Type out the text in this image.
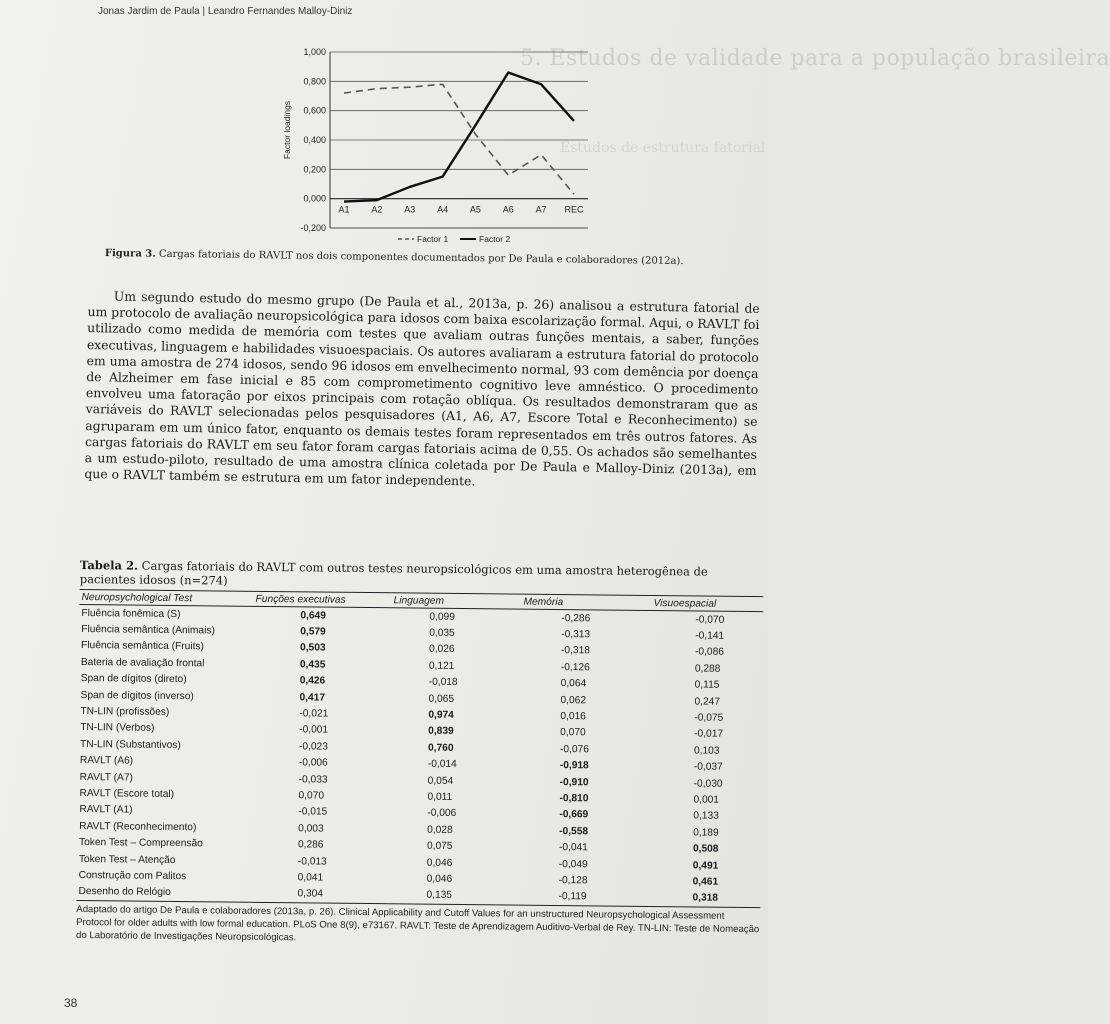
Jonas Jardim de Paula | Leandro Fernandes Malloy-Diniz
5. Estudos de validade para a população brasileira
Estudos de estrutura fatorial
1,000
0,800
0,600
0,400
0,200
0,000
-0,200
A1 A2 A3 A4 A5 A6 A7 REC
Factor loadings
Factor 1	Factor 2
Figura 3. Cargas fatoriais do RAVLT nos dois componentes documentados por De Paula e colaboradores (2012a).
Um segundo estudo do mesmo grupo (De Paula et al., 2013a, p. 26) analisou a estrutura fatorial de um protocolo de avaliação neuropsicológica para idosos com baixa escolarização formal. Aqui, o RAVLT foi utilizado como medida de memória com testes que avaliam outras funções mentais, a saber, funções executivas, linguagem e habilidades visuoespaciais. Os autores avaliaram a estrutura fatorial do protocolo em uma amostra de 274 idosos, sendo 96 idosos em envelhecimento normal, 93 com demência por doença de Alzheimer em fase inicial e 85 com comprometimento cognitivo leve amnéstico. O procedimento envolveu uma fatoração por eixos principais com rotação oblíqua. Os resultados demonstraram que as variáveis do RAVLT selecionadas pelos pesquisadores (A1, A6, A7, Escore Total e Reconhecimento) se agruparam em um único fator, enquanto os demais testes foram representados em três outros fatores. As cargas fatoriais do RAVLT em seu fator foram cargas fatoriais acima de 0,55. Os achados são semelhantes a um estudo-piloto, resultado de uma amostra clínica coletada por De Paula e Malloy-Diniz (2013a), em que o RAVLT também se estrutura em um fator independente.
Tabela 2. Cargas fatoriais do RAVLT com outros testes neuropsicológicos em uma amostra heterogênea de pacientes idosos (n=274)
Neuropsychological Test	Funções executivas	Linguagem	Memória	Visuoespacial
Fluência fonêmica (S)	0,649	0,099	-0,286	-0,070
Fluência semântica (Animais)	0,579	0,035	-0,313	-0,141
Fluência semântica (Fruits)	0,503	0,026	-0,318	-0,086
Bateria de avaliação frontal	0,435	0,121	-0,126	0,288
Span de dígitos (direto)	0,426	-0,018	0,064	0,115
Span de dígitos (inverso)	0,417	0,065	0,062	0,247
TN-LIN (profissões)	-0,021	0,974	0,016	-0,075
TN-LIN (Verbos)	-0,001	0,839	0,070	-0,017
TN-LIN (Substantivos)	-0,023	0,760	-0,076	0,103
RAVLT (A6)	-0,006	-0,014	-0,918	-0,037
RAVLT (A7)	-0,033	0,054	-0,910	-0,030
RAVLT (Escore total)	0,070	0,011	-0,810	0,001
RAVLT (A1)	-0,015	-0,006	-0,669	0,133
RAVLT (Reconhecimento)	0,003	0,028	-0,558	0,189
Token Test – Compreensão	0,286	0,075	-0,041	0,508
Token Test – Atenção	-0,013	0,046	-0,049	0,491
Construção com Palitos	0,041	0,046	-0,128	0,461
Desenho do Relógio	0,304	0,135	-0,119	0,318
Adaptado do artigo De Paula e colaboradores (2013a, p. 26). Clinical Applicability and Cutoff Values for an unstructured Neuropsychological Assessment Protocol for older adults with low formal education. PLoS One 8(9), e73167. RAVLT: Teste de Aprendizagem Auditivo-Verbal de Rey. TN-LIN: Teste de Nomeação do Laboratório de Investigações Neuropsicológicas.
38
